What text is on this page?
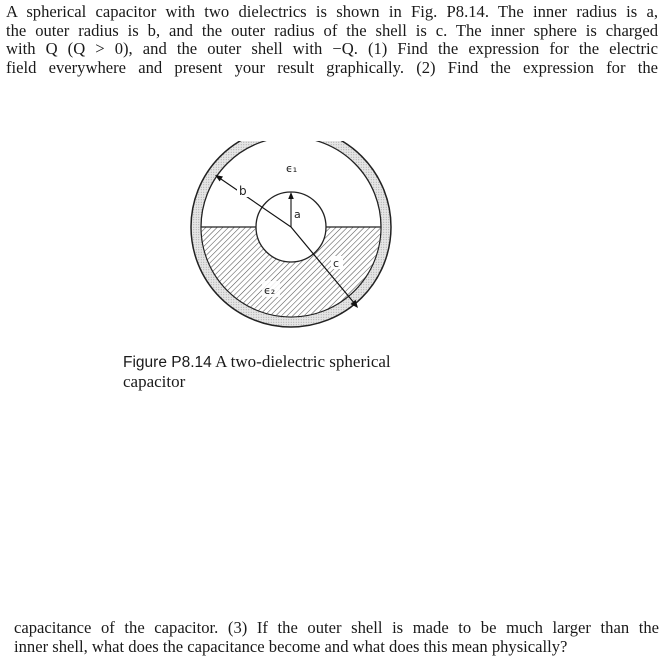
A spherical capacitor with two dielectrics is shown in Fig. P8.14. The inner radius is a,
the outer radius is b, and the outer radius of the shell is c. The inner sphere is charged
with Q (Q > 0), and the outer shell with −Q. (1) Find the expression for the electric
field everywhere and present your result graphically. (2) Find the expression for the
ϵ₁
b
a
c
ϵ₂
Figure P8.14 A two-dielectric spherical
capacitor
capacitance of the capacitor. (3) If the outer shell is made to be much larger than the
inner shell, what does the capacitance become and what does this mean physically?
